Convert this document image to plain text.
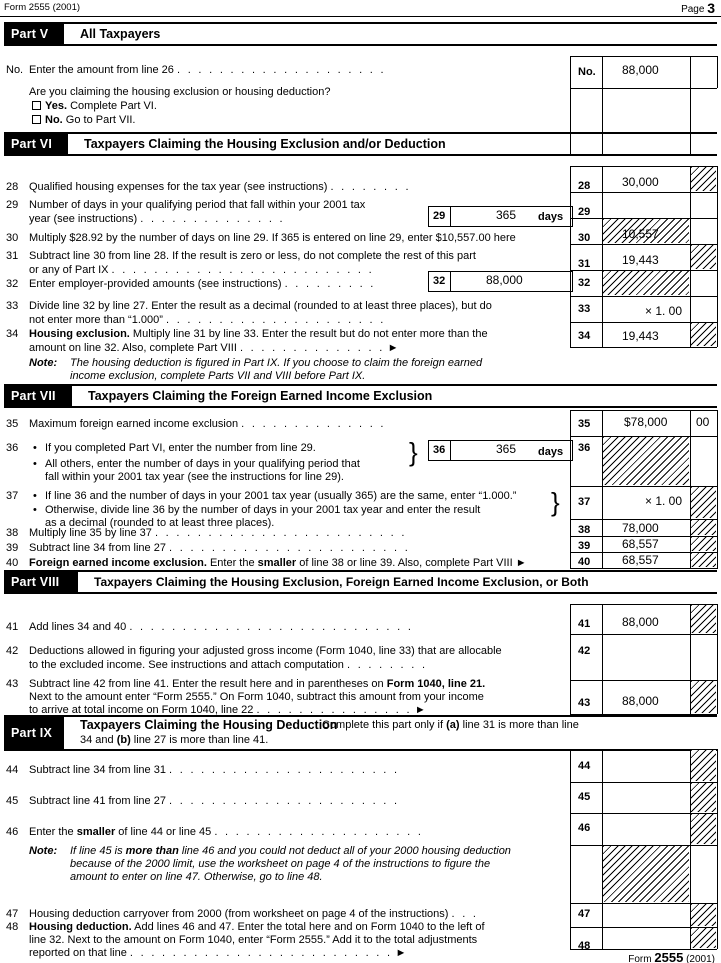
Form 2555 (2001)	Page 3
Part V	All Taxpayers
No. Enter the amount from line 26 . . . . . . . . . . . . . . . . . . . .	No. 88,000
Are you claiming the housing exclusion or housing deduction?
Yes. Complete Part VI.
No. Go to Part VII.
Part VI	Taxpayers Claiming the Housing Exclusion and/or Deduction
28 Qualified housing expenses for the tax year (see instructions) . . . . . . . .	28	30,000
29 Number of days in your qualifying period that fall within your 2001 tax
year (see instructions) . . . . . . . . . . . . . .	29	365 days 29
30 Multiply $28.92 by the number of days on line 29. If 365 is entered on line 29, enter $10,557.00 here	30	10,557
31 Subtract line 30 from line 28. If the result is zero or less, do not complete the rest of this part
or any of Part IX . . . . . . . . . . . . . . . . . . . . . . . . .	31	19,443
32 Enter employer-provided amounts (see instructions) . . . . . . . . .	32	88,000	32
33 Divide line 32 by line 27. Enter the result as a decimal (rounded to at least three places), but do
not enter more than “1.000” . . . . . . . . . . . . . . . . . . . . .
33	× 1. 00
34 Housing exclusion. Multiply line 31 by line 33. Enter the result but do not enter more than the
amount on line 32. Also, complete Part VIII . . . . . . . . . . . . . . ►
34	19,443
Note: The housing deduction is figured in Part IX. If you choose to claim the foreign earned
income exclusion, complete Parts VII and VIII before Part IX.
Part VII	Taxpayers Claiming the Foreign Earned Income Exclusion
35 Maximum foreign earned income exclusion . . . . . . . . . . . . . .	35	$78,000 00
36 • If you completed Part VI, enter the number from line 29.
• All others, enter the number of days in your qualifying period that
fall within your 2001 tax year (see the instructions for line 29).
} 36	365 days 36
37 • If line 36 and the number of days in your 2001 tax year (usually 365) are the same, enter “1.000.”
• Otherwise, divide line 36 by the number of days in your 2001 tax year and enter the result
as a decimal (rounded to at least three places).
} 37	× 1. 00
38 Multiply line 35 by line 37 . . . . . . . . . . . . . . . . . . . . . . . .	38	78,000
39 Subtract line 34 from line 27 . . . . . . . . . . . . . . . . . . . . . . .	39	68,557
40 Foreign earned income exclusion. Enter the smaller of line 38 or line 39. Also, complete Part VIII ►	40	68,557
Part VIII	Taxpayers Claiming the Housing Exclusion, Foreign Earned Income Exclusion, or Both
41 Add lines 34 and 40 . . . . . . . . . . . . . . . . . . . . . . . . . . .	41	88,000
42 Deductions allowed in figuring your adjusted gross income (Form 1040, line 33) that are allocable
to the excluded income. See instructions and attach computation . . . . . . . .
42
43 Subtract line 42 from line 41. Enter the result here and in parentheses on Form 1040, line 21.
Next to the amount enter “Form 2555.” On Form 1040, subtract this amount from your income
to arrive at total income on Form 1040, line 22 . . . . . . . . . . . . . . . ►
43	88,000
Part IX
Taxpayers Claiming the Housing Deduction
Complete this part only if (a) line 31 is more than line
34 and (b) line 27 is more than line 41.
44 Subtract line 34 from line 31 . . . . . . . . . . . . . . . . . . . . . .	44
45 Subtract line 41 from line 27 . . . . . . . . . . . . . . . . . . . . . .	45
46 Enter the smaller of line 44 or line 45 . . . . . . . . . . . . . . . . . . . .	46
Note: If line 45 is more than line 46 and you could not deduct all of your 2000 housing deduction
because of the 2000 limit, use the worksheet on page 4 of the instructions to figure the
amount to enter on line 47. Otherwise, go to line 48.
47 Housing deduction carryover from 2000 (from worksheet on page 4 of the instructions) . . .	47
48 Housing deduction. Add lines 46 and 47. Enter the total here and on Form 1040 to the left of
line 32. Next to the amount on Form 1040, enter “Form 2555.” Add it to the total adjustments
reported on that line . . . . . . . . . . . . . . . . . . . . . . . . . ►
48
Form 2555 (2001)
